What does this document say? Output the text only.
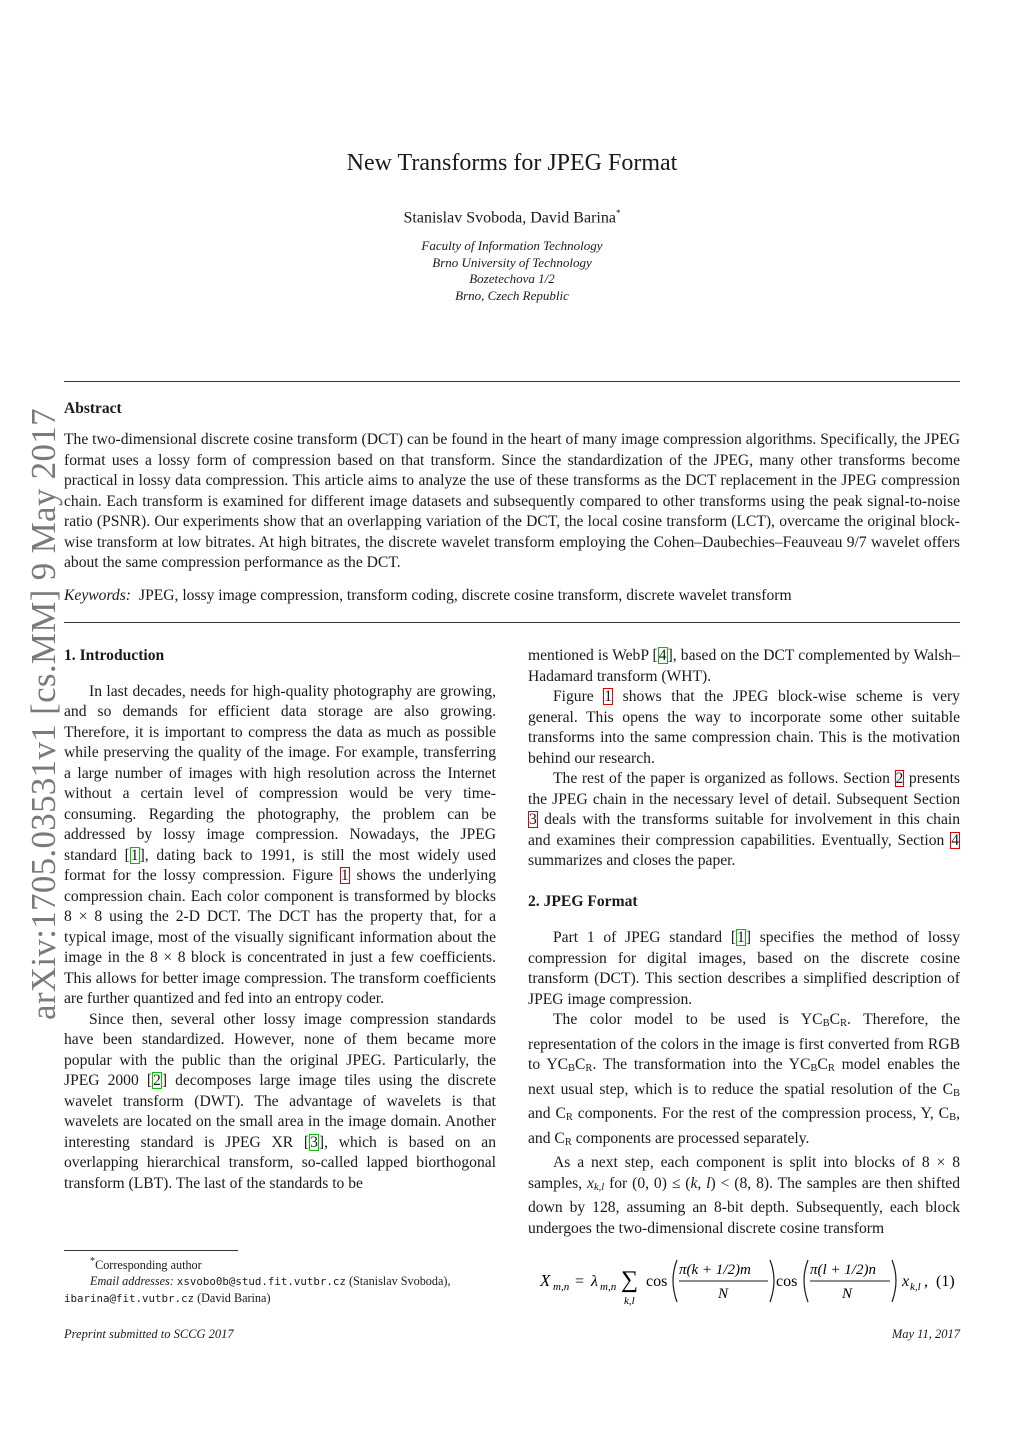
arXiv:1705.03531v1 [cs.MM] 9 May 2017
New Transforms for JPEG Format
Stanislav Svoboda, David Barina*
Faculty of Information Technology
Brno University of Technology
Bozetechova 1/2
Brno, Czech Republic
Abstract
The two-dimensional discrete cosine transform (DCT) can be found in the heart of many image compression algorithms. Specifically, the JPEG format uses a lossy form of compression based on that transform. Since the standardization of the JPEG, many other transforms become practical in lossy data compression. This article aims to analyze the use of these transforms as the DCT replacement in the JPEG compression chain. Each transform is examined for different image datasets and subsequently compared to other transforms using the peak signal-to-noise ratio (PSNR). Our experiments show that an overlapping variation of the DCT, the local cosine transform (LCT), overcame the original block-wise transform at low bitrates. At high bitrates, the discrete wavelet transform employing the Cohen–Daubechies–Feauveau 9/7 wavelet offers about the same compression performance as the DCT.
Keywords: JPEG, lossy image compression, transform coding, discrete cosine transform, discrete wavelet transform
1. Introduction

In last decades, needs for high-quality photography are growing, and so demands for efficient data storage are also growing. Therefore, it is important to compress the data as much as possible while preserving the quality of the image. For example, transferring a large number of images with high resolution across the Internet without a certain level of compression would be very time-consuming. Regarding the photography, the problem can be addressed by lossy image compression. Nowadays, the JPEG standard [1], dating back to 1991, is still the most widely used format for the lossy compression. Figure 1 shows the underlying compression chain. Each color component is transformed by blocks 8 × 8 using the 2-D DCT. The DCT has the property that, for a typical image, most of the visually significant information about the image in the 8 × 8 block is concentrated in just a few coefficients. This allows for better image compression. The transform coefficients are further quantized and fed into an entropy coder.

Since then, several other lossy image compression standards have been standardized. However, none of them became more popular with the public than the original JPEG. Particularly, the JPEG 2000 [2] decomposes large image tiles using the discrete wavelet transform (DWT). The advantage of wavelets is that wavelets are located on the small area in the image domain. Another interesting standard is JPEG XR [3], which is based on an overlapping hierarchical transform, so-called lapped biorthogonal transform (LBT). The last of the standards to be

mentioned is WebP [4], based on the DCT complemented by Walsh–Hadamard transform (WHT).

Figure 1 shows that the JPEG block-wise scheme is very general. This opens the way to incorporate some other suitable transforms into the same compression chain. This is the motivation behind our research.

The rest of the paper is organized as follows. Section 2 presents the JPEG chain in the necessary level of detail. Subsequent Section 3 deals with the transforms suitable for involvement in this chain and examines their compression capabilities. Eventually, Section 4 summarizes and closes the paper.

2. JPEG Format

Part 1 of JPEG standard [1] specifies the method of lossy compression for digital images, based on the discrete cosine transform (DCT). This section describes a simplified description of JPEG image compression.

The color model to be used is YCBCR. Therefore, the representation of the colors in the image is first converted from RGB to YCBCR. The transformation into the YCBCR model enables the next usual step, which is to reduce the spatial resolution of the CB and CR components. For the rest of the compression process, Y, CB, and CR components are processed separately.

As a next step, each component is split into blocks of 8 × 8 samples, xk,l for (0, 0) ≤ (k, l) < (8, 8). The samples are then shifted down by 128, assuming an 8-bit depth. Subsequently, each block undergoes the two-dimensional discrete cosine transform

X m,n = λ m,n ∑
k,l
cos
π(k + 1/2)m
N
cos
π(l + 1/2)n
N
x k,l , (1)
*Corresponding author
Email addresses: xsvobo0b@stud.fit.vutbr.cz (Stanislav Svoboda),
ibarina@fit.vutbr.cz (David Barina)
Preprint submitted to SCCG 2017	May 11, 2017
